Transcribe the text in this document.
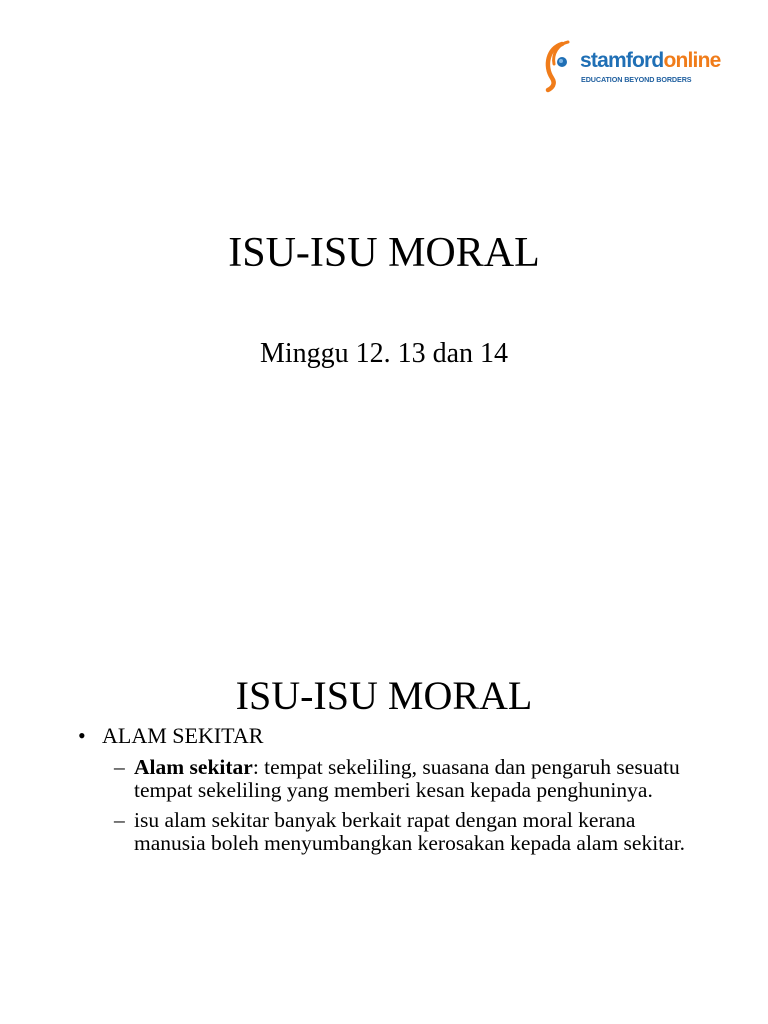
stamfordonline
EDUCATION BEYOND BORDERS
ISU-ISU MORAL
Minggu 12. 13 dan 14
ISU-ISU MORAL
• ALAM SEKITAR
– Alam sekitar: tempat sekeliling, suasana dan pengaruh sesuatu tempat sekeliling yang memberi kesan kepada penghuninya.
– isu alam sekitar banyak berkait rapat dengan moral kerana manusia boleh menyumbangkan kerosakan kepada alam sekitar.
